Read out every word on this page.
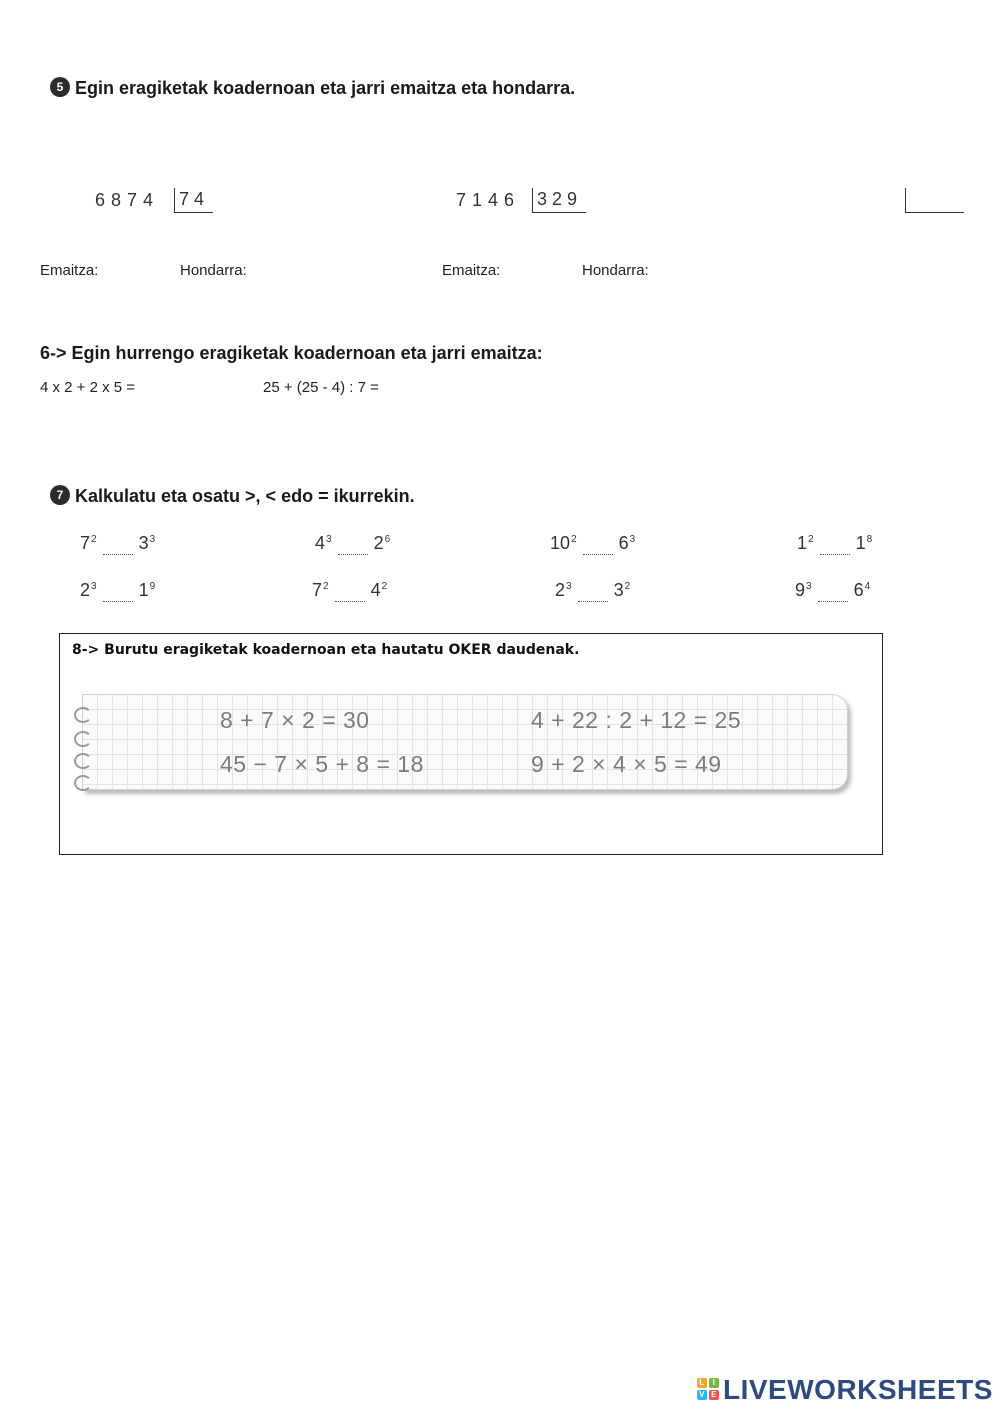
5 Egin eragiketak koadernoan eta jarri emaitza eta hondarra.
6874 74	7146 329
Emaitza:	Hondarra:	Emaitza:	Hondarra:
6-> Egin hurrengo eragiketak koadernoan eta jarri emaitza:
4 x 2 + 2 x 5 =	25 + (25 - 4) : 7 =
7 Kalkulatu eta osatu >, < edo = ikurrekin.
$7^2$ $3^3$	$4^3$ $2^6$	$10^2$ $6^3$	$1^2$ $1^8$
$2^3$ $1^9$	$7^2$ $4^2$	$2^3$ $3^2$	$9^3$ $6^4$
8-> Burutu eragiketak koadernoan eta hautatu OKER daudenak.
8 + 7 × 2 = 30	4 + 22 : 2 + 12 = 25
45 − 7 × 5 + 8 = 18	9 + 2 × 4 × 5 = 49
L I
V E LIVEWORKSHEETS
